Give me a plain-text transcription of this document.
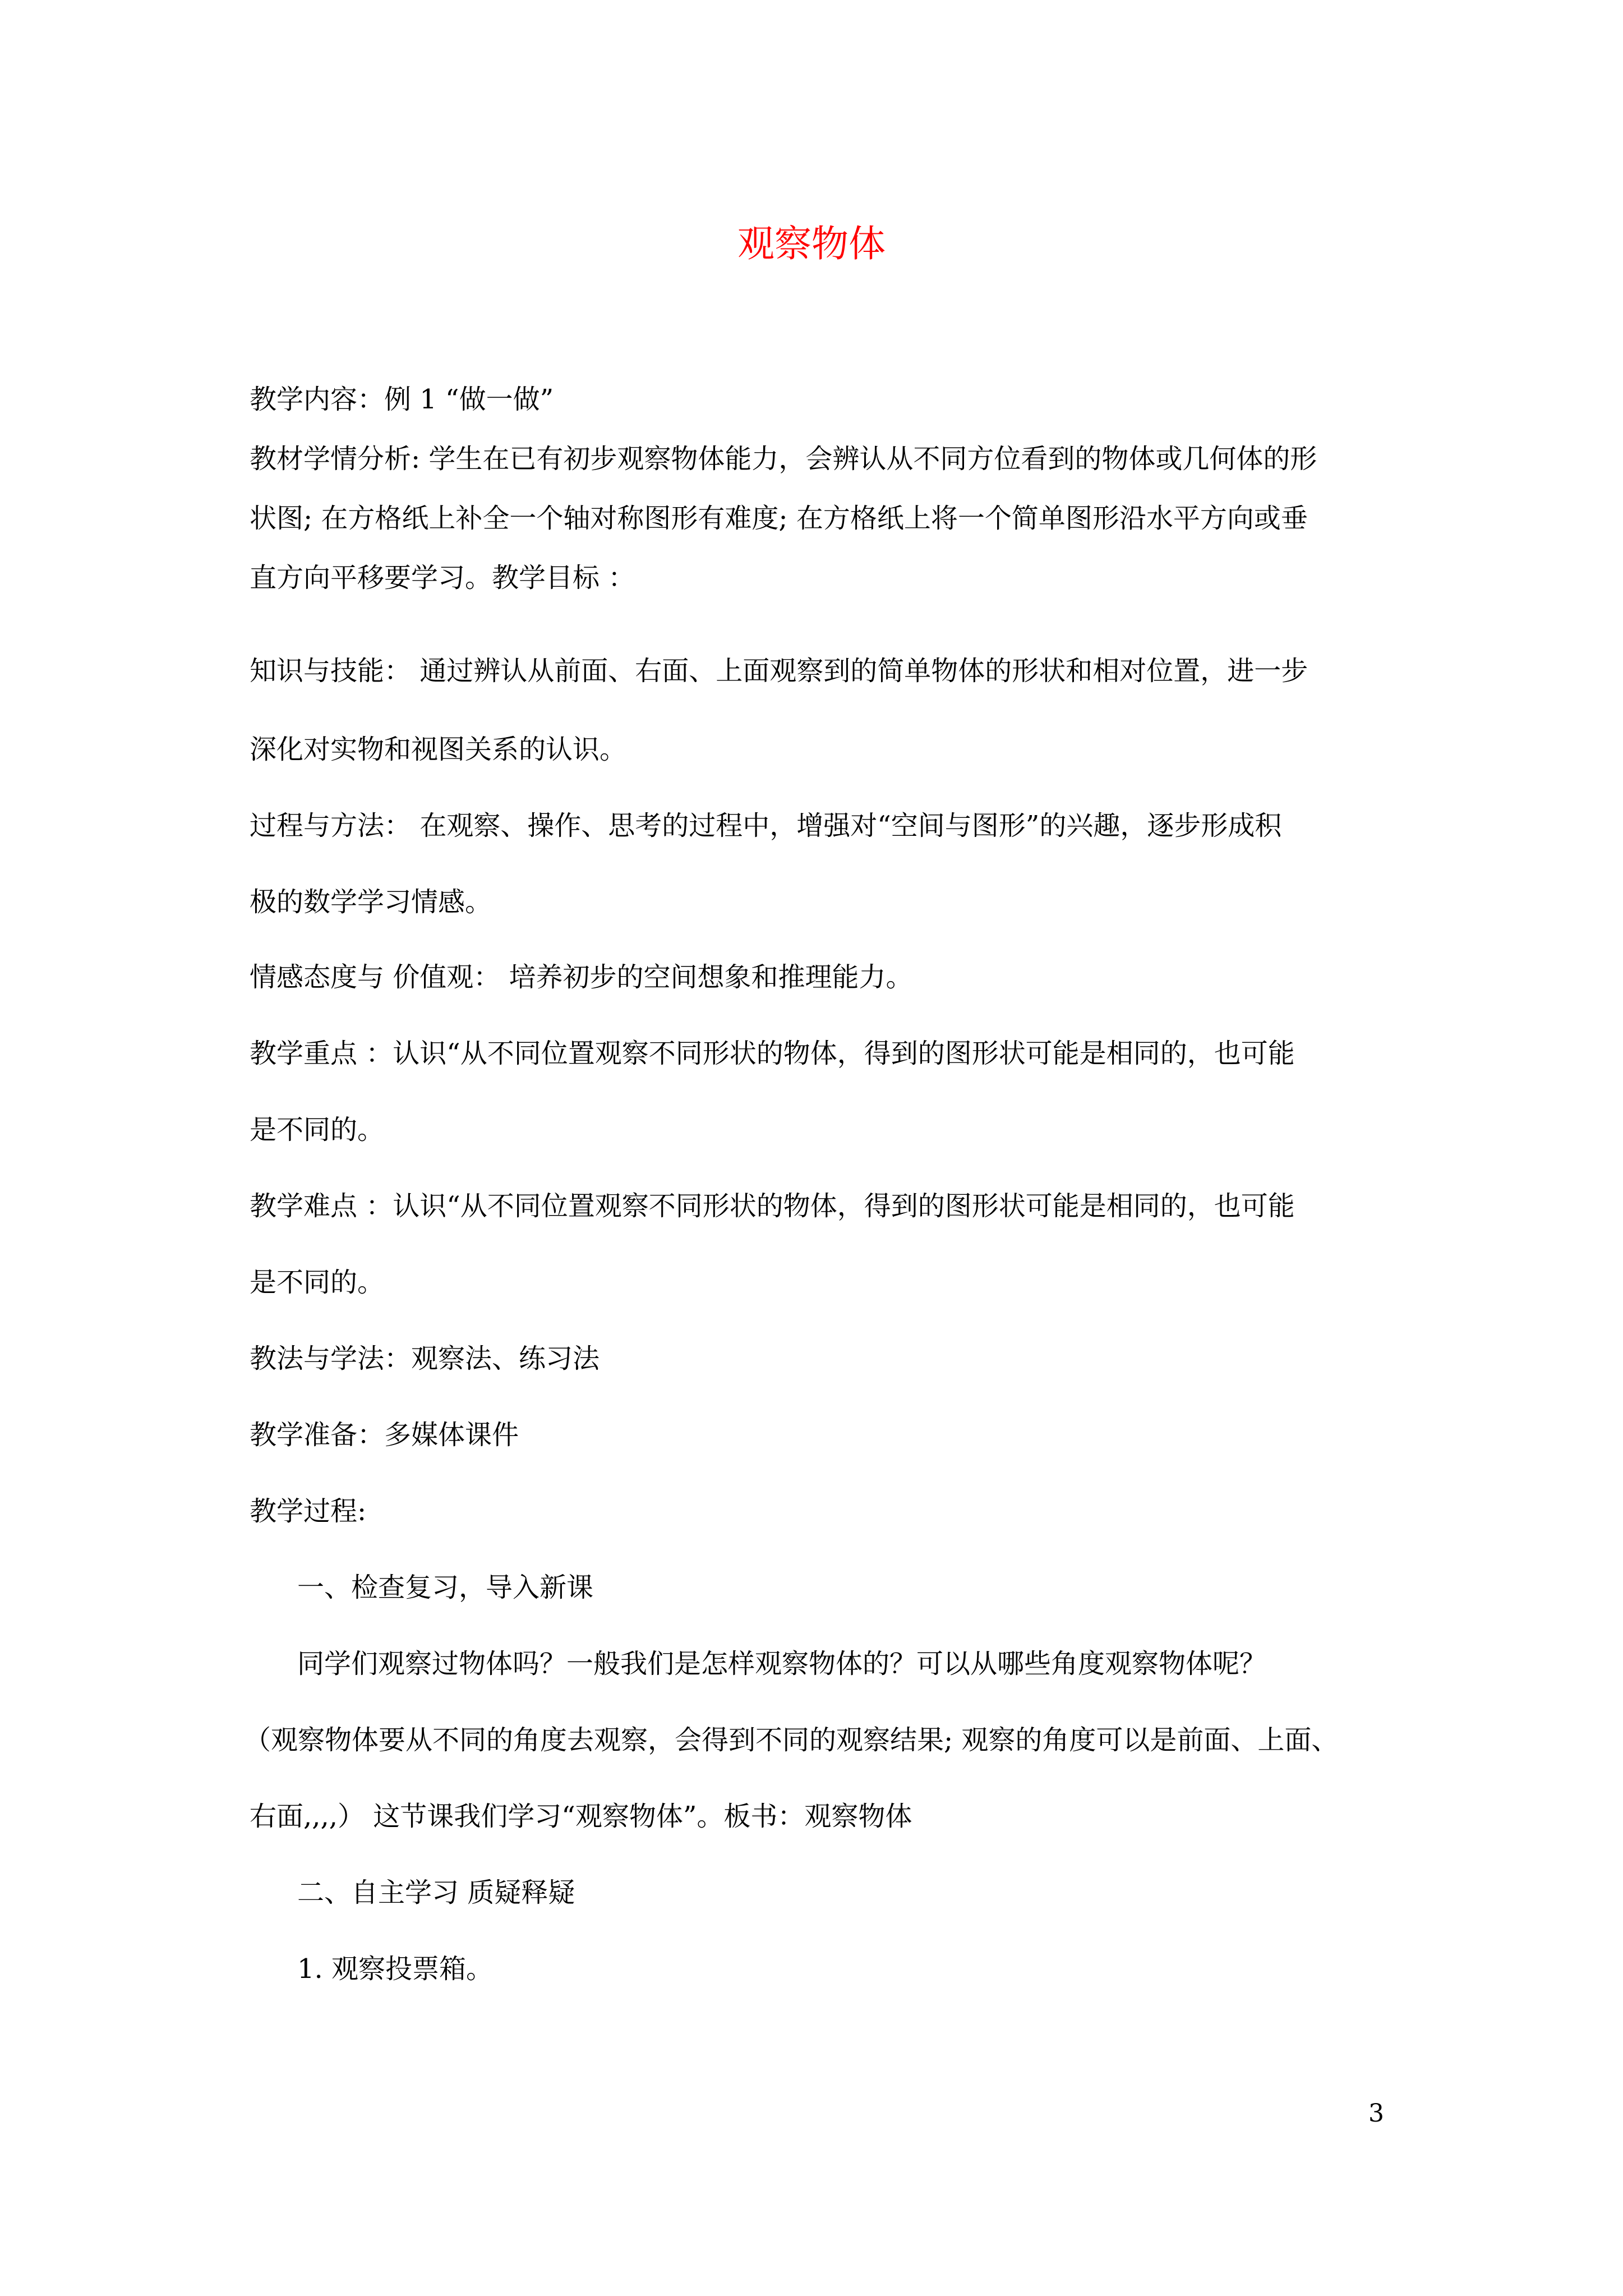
观察物体
教学内容：例 1 “做一做”
教材学情分析: 学生在已有初步观察物体能力，会辨认从不同方位看到的物体或几何体的形
状图; 在方格纸上补全一个轴对称图形有难度; 在方格纸上将一个简单图形沿水平方向或垂
直方向平移要学习。教学目标 ：
知识与技能： 通过辨认从前面、右面、上面观察到的简单物体的形状和相对位置，进一步
深化对实物和视图关系的认识。
过程与方法： 在观察、操作、思考的过程中，增强对“空间与图形”的兴趣，逐步形成积
极的数学学习情感。
情感态度与 价值观： 培养初步的空间想象和推理能力。
教学重点 ：认识“从不同位置观察不同形状的物体，得到的图形状可能是相同的，也可能
是不同的。
教学难点 ：认识“从不同位置观察不同形状的物体，得到的图形状可能是相同的，也可能
是不同的。
教法与学法：观察法、练习法
教学准备：多媒体课件
教学过程:
一、检查复习，导入新课
同学们观察过物体吗？一般我们是怎样观察物体的？可以从哪些角度观察物体呢？
（观察物体要从不同的角度去观察，会得到不同的观察结果; 观察的角度可以是前面、上面、
右面,,,,） 这节课我们学习“观察物体”。板书：观察物体
二、自主学习 质疑释疑
1. 观察投票箱。
3
